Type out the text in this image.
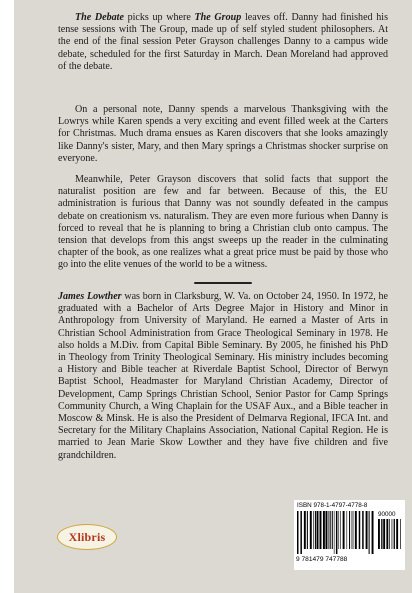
The Debate picks up where The Group leaves off. Danny had finished his tense sessions with The Group, made up of self styled student philosophers. At the end of the final session Peter Grayson challenges Danny to a campus wide debate, scheduled for the first Saturday in March. Dean Moreland had approved of the debate.

On a personal note, Danny spends a marvelous Thanksgiving with the Lowrys while Karen spends a very exciting and event filled week at the Carters for Christmas. Much drama ensues as Karen discovers that she looks amazingly like Danny's sister, Mary, and then Mary springs a Christmas shocker surprise on everyone.

Meanwhile, Peter Grayson discovers that solid facts that support the naturalist position are few and far between. Because of this, the EU administration is furious that Danny was not soundly defeated in the campus debate on creationism vs. naturalism. They are even more furious when Danny is forced to reveal that he is planning to bring a Christian club onto campus. The tension that develops from this angst sweeps up the reader in the culminating chapter of the book, as one realizes what a great price must be paid by those who go into the elite venues of the world to be a witness.

James Lowther was born in Clarksburg, W. Va. on October 24, 1950. In 1972, he graduated with a Bachelor of Arts Degree Major in History and Minor in Anthropology from University of Maryland. He earned a Master of Arts in Christian School Administration from Grace Theological Seminary in 1978. He also holds a M.Div. from Capital Bible Seminary. By 2005, he finished his PhD in Theology from Trinity Theological Seminary. His ministry includes becoming a History and Bible teacher at Riverdale Baptist School, Director of Berwyn Baptist School, Headmaster for Maryland Christian Academy, Director of Development, Camp Springs Christian School, Senior Pastor for Camp Springs Community Church, a Wing Chaplain for the USAF Aux., and a Bible teacher in Moscow & Minsk. He is also the President of Delmarva Regional, IFCA Int. and Secretary for the Military Chaplains Association, National Capital Region. He is married to Jean Marie Skow Lowther and they have five children and five grandchildren.

Xlibris
ISBN 978-1-4797-4778-8
90000
9 781479 747788
